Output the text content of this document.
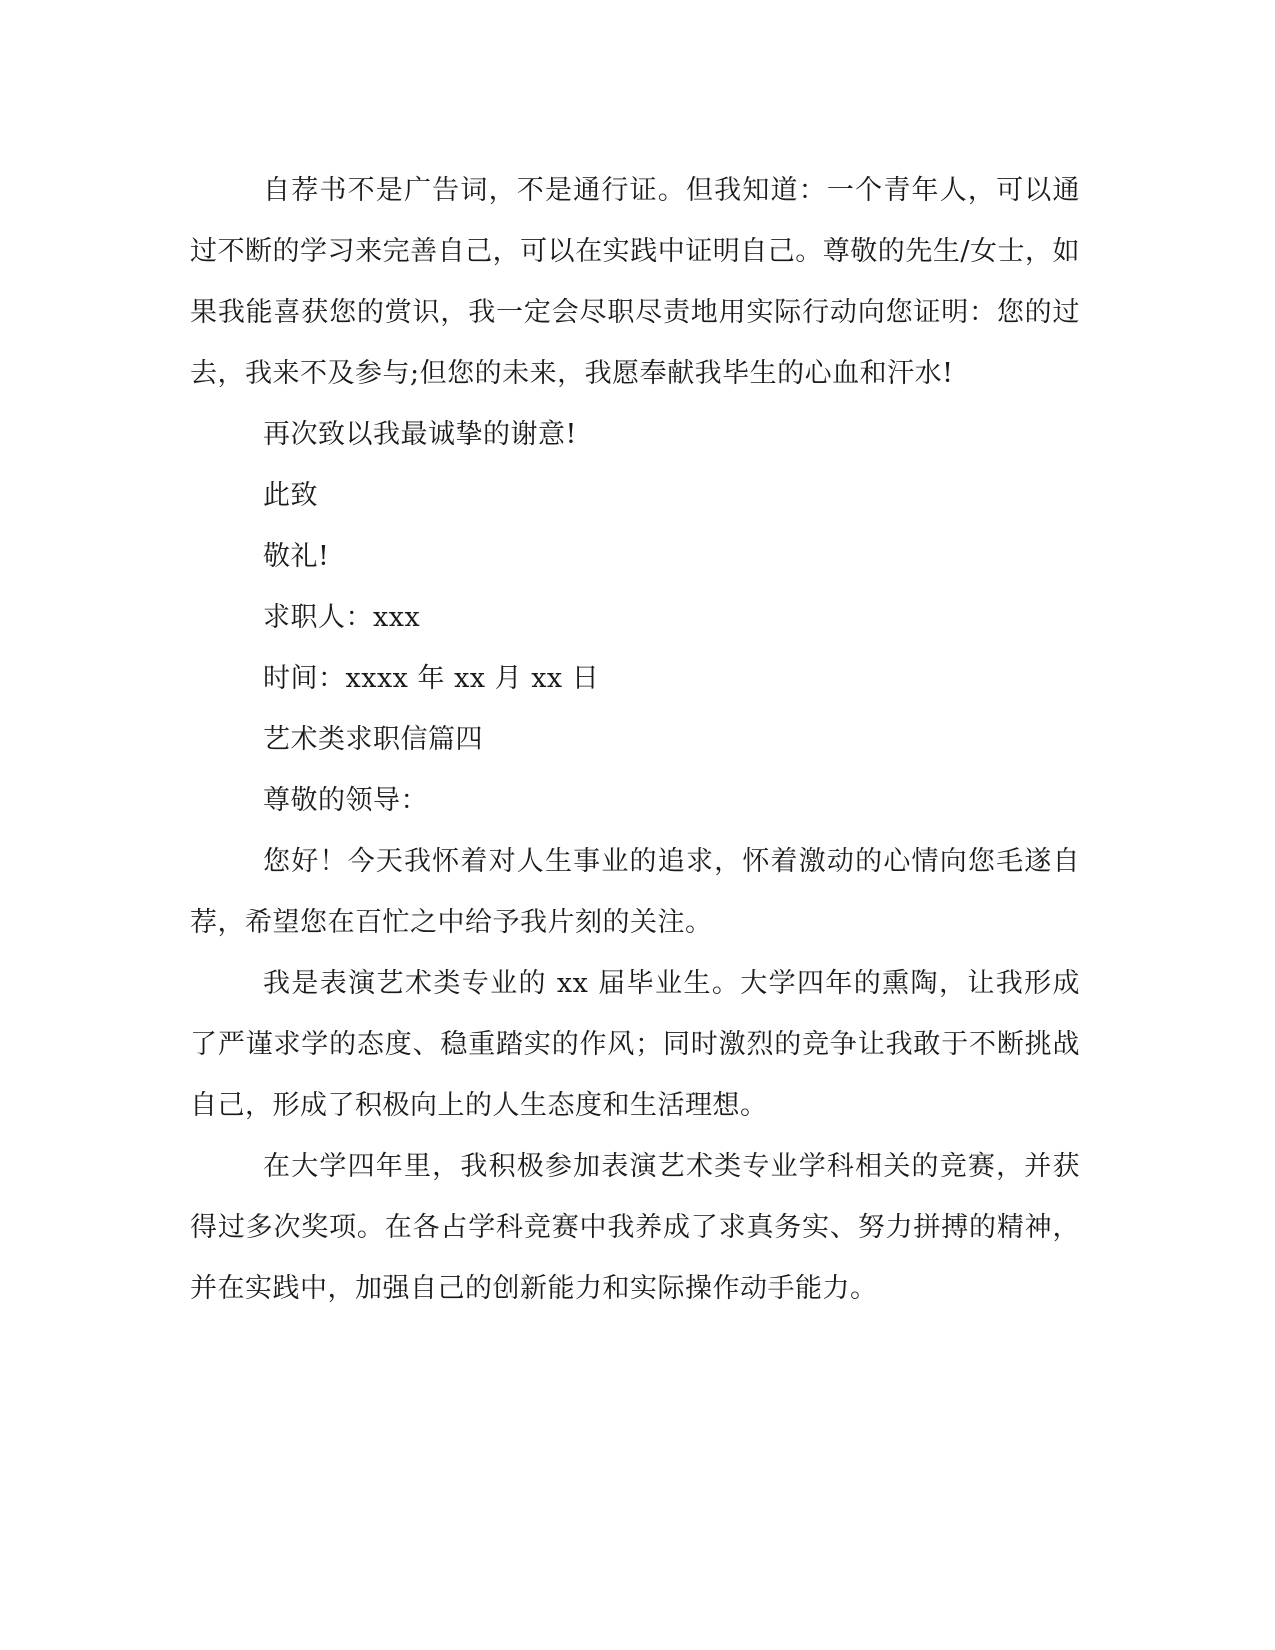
自荐书不是广告词，不是通行证。但我知道：一个青年人，可以通过不断的学习来完善自己，可以在实践中证明自己。尊敬的先生/女士，如果我能喜获您的赏识，我一定会尽职尽责地用实际行动向您证明：您的过去，我来不及参与;但您的未来，我愿奉献我毕生的心血和汗水!

再次致以我最诚挚的谢意!

此致

敬礼!

求职人：xxx

时间：xxxx 年 xx 月 xx 日

艺术类求职信篇四

尊敬的领导：

您好！今天我怀着对人生事业的追求，怀着激动的心情向您毛遂自荐，希望您在百忙之中给予我片刻的关注。

我是表演艺术类专业的 xx 届毕业生。大学四年的熏陶，让我形成了严谨求学的态度、稳重踏实的作风；同时激烈的竞争让我敢于不断挑战自己，形成了积极向上的人生态度和生活理想。

在大学四年里，我积极参加表演艺术类专业学科相关的竞赛，并获得过多次奖项。在各占学科竞赛中我养成了求真务实、努力拼搏的精神，并在实践中，加强自己的创新能力和实际操作动手能力。
